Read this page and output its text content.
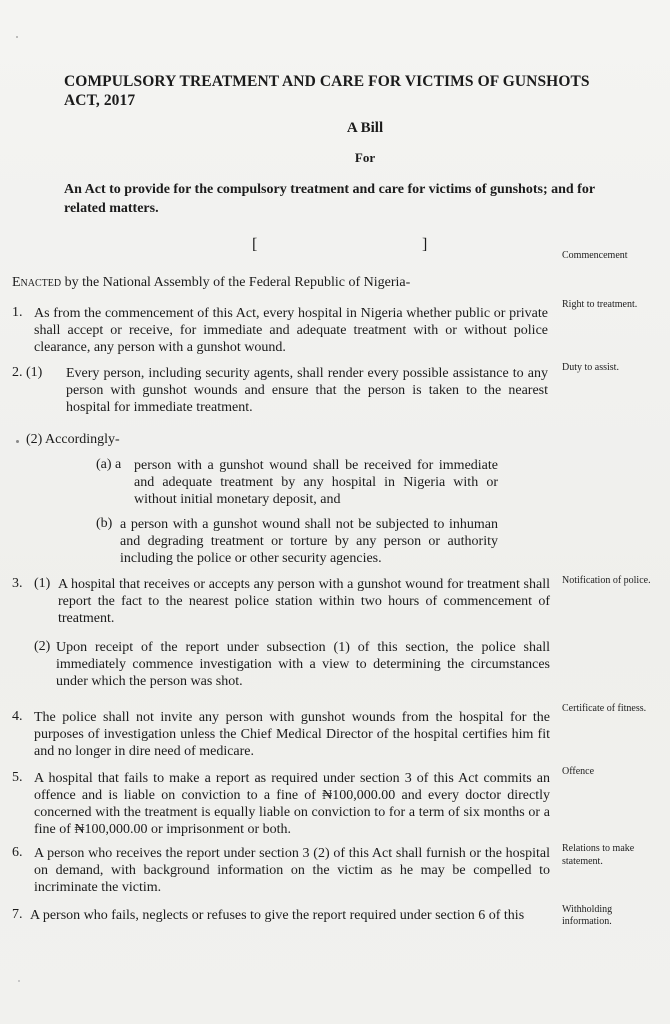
COMPULSORY TREATMENT AND CARE FOR VICTIMS OF GUNSHOTS ACT, 2017
A Bill
For
An Act to provide for the compulsory treatment and care for victims of gunshots; and for related matters.
[	]
Commencement
Enacted by the National Assembly of the Federal Republic of Nigeria-
1. As from the commencement of this Act, every hospital in Nigeria whether public or private shall accept or receive, for immediate and adequate treatment with or without police clearance, any person with a gunshot wound.
Right to treatment.
2. (1) Every person, including security agents, shall render every possible assistance to any person with gunshot wounds and ensure that the person is taken to the nearest hospital for immediate treatment.
Duty to assist.
(2) Accordingly-
(a) a person with a gunshot wound shall be received for immediate and adequate treatment by any hospital in Nigeria with or without initial monetary deposit, and
(b) a person with a gunshot wound shall not be subjected to inhuman and degrading treatment or torture by any person or authority including the police or other security agencies.
3. (1) A hospital that receives or accepts any person with a gunshot wound for treatment shall report the fact to the nearest police station within two hours of commencement of treatment.
Notification of police.
(2) Upon receipt of the report under subsection (1) of this section, the police shall immediately commence investigation with a view to determining the circumstances under which the person was shot.
4. The police shall not invite any person with gunshot wounds from the hospital for the purposes of investigation unless the Chief Medical Director of the hospital certifies him fit and no longer in dire need of medicare.
Certificate of fitness.
5. A hospital that fails to make a report as required under section 3 of this Act commits an offence and is liable on conviction to a fine of ₦100,000.00 and every doctor directly concerned with the treatment is equally liable on conviction to for a term of six months or a fine of ₦100,000.00 or imprisonment or both.
Offence
6. A person who receives the report under section 3 (2) of this Act shall furnish or the hospital on demand, with background information on the victim as he may be compelled to incriminate the victim.
Relations to make
statement.
7. A person who fails, neglects or refuses to give the report required under section 6 of this	Withholding
information.
